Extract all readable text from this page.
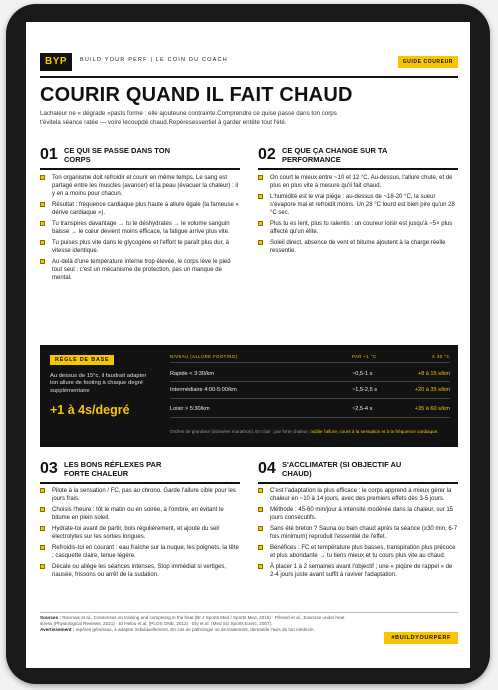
BYP	BUILD YOUR PERF | LE COIN DU COACH	GUIDE COUREUR
COURIR QUAND IL FAIT CHAUD
Lachaleur ne « dégrade »pasts forme : elle ajouteune contrainte.Comprendre ce quise passe dans ton corps t'évitela séance ratée — voire lecoupdé chaud.Repèresessentiel à garder entête tout l'été.
01 CE QUI SE PASSE DANS TON CORPS
Ton organisme doit refroidir et courir en même temps. Le sang est partagé entre les muscles (avancer) et la peau (évacuer la chaleur) : il y en a moins pour chacun.
Résultat : fréquence cardiaque plus haute à allure égale (la fameuse « dérive cardiaque »).
Tu transpires davantage → tu te déshydrates → le volume sanguin baisse → le cœur devient moins efficace, la fatigue arrive plus vite.
Tu puises plus vite dans le glycogène et l'effort te paraît plus dur, à vitesse identique.
Au-delà d'une température interne trop élevée, le corps lève le pied tout seul : c'est un mécanisme de protection, pas un manque de mental.
02 CE QUE ÇA CHANGE SUR TA PERFORMANCE
On court le mieux entre ~10 et 12 °C. Au-dessus, l'allure chute, et de plus en plus vite à mesure qu'il fait chaud.
L'humidité est le vrai piège : au-dessus de ~18-20 °C, la sueur s'évapore mal et refroidit moins. Un 28 °C lourd est bien pire qu'un 28 °C sec.
Plus tu es lent, plus tu ralentis : un coureur loisir est jusqu'à ~5× plus affecté qu'un élite.
Soleil direct, absence de vent et bitume ajoutent à la charge réelle ressentie.
RÈGLE DE BASE
Au dessus de 15°c, il faudrait adapter ton allure de footing à chaque degré supplémentaire
+1 à 4s/degré
NIVEAU (ALLURE FOOTING)	PAR +1 °C	À 30 °C
Rapide < 3:30/km	~0,5-1 s	+8 à 15 s/km
Intermédiaire 4:00-5:00/km	~1,5-2,5 s	+20 à 35 s/km
Loisir > 5:30/km	~2,5-4 s	+35 à 60 s/km
Ordres de grandeur (données marathon). En clair : par forte chaleur, oublie l'allure, cours à la sensation et à la fréquence cardiaque.
03 LES BONS RÉFLEXES PAR FORTE CHALEUR
Pilote à la sensation / FC, pas au chrono. Garde l'allure cible pour les jours frais.
Choisis l'heure : tôt le matin ou en soirée, à l'ombre, en évitant le bitume en plein soleil.
Hydrate-toi avant de partir, bois régulièrement, et ajoute du sel/ électrolytes sur les sorties longues.
Refroidis-toi en courant : eau fraîche sur la nuque, les poignets, la tête ; casquette claire, tenue légère.
Décale ou allège les séances intenses. Stop immédiat si vertiges, nausée, frissons ou arrêt de la sudation.
04 S'ACCLIMATER (SI OBJECTIF AU CHAUD)
C'est l'adaptation la plus efficace : le corps apprend à mieux gérer la chaleur en ~10 à 14 jours, avec des premiers effets dès 3-5 jours.
Méthode : 45-60 min/jour à intensité modérée dans la chaleur, sur 15 jours consécutifs.
Sans été breton ? Sauna ou bain chaud après ta séance (≥30 min, 6-7 fois minimum) reproduit l'essentiel de l'effet.
Bénéfices : FC et température plus basses, transpiration plus précoce et plus abondante → tu tiens mieux et tu cours plus vite au chaud.
À placer 1 à 2 semaines avant l'objectif ; une « piqûre de rappel » de 2-4 jours juste avant suffit à raviver l'adaptation.
Sources : Racinais et al., Consensus on training and competing in the heat (Br J Sports Med / Sports Med, 2015) · Périard et al., Exercise under heat stress (Physiological Reviews, 2021) · El Helou et al. (PLOS ONE, 2012) · Ely et al. (Med Sci Sports Exerc, 2007).
Avertissement : repères généraux, à adapter individuellement. En cas de pathologie ou de traitement, demande l'avis de ton médecin.
#BUILDYOURPERF
